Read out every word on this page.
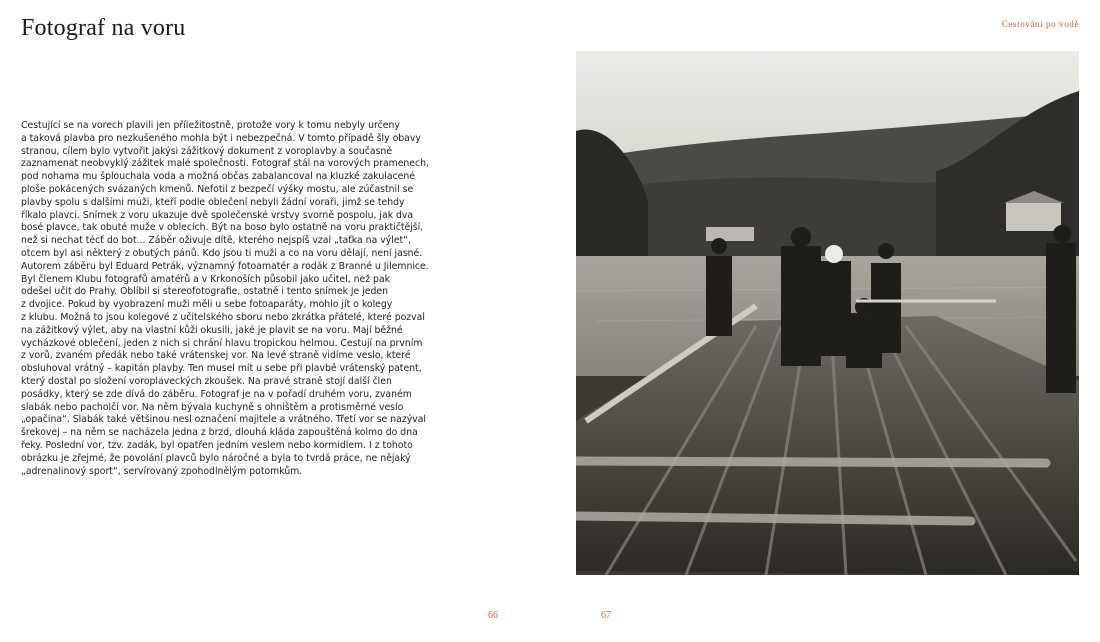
Fotograf na voru	Cestování po vodě
Cestující se na vorech plavili jen příležitostně, protože vory k tomu nebyly určeny
a taková plavba pro nezkušeného mohla být i nebezpečná. V tomto případě šly obavy
stranou, cílem bylo vytvořit jakýsi zážitkový dokument z voroplavby a současně
zaznamenat neobvyklý zážitek malé společnosti. Fotograf stál na vorových pramenech,
pod nohama mu šplouchala voda a možná občas zabalancoval na kluzké zakulacené
ploše pokácených svázaných kmenů. Nefotil z bezpečí výšky mostu, ale zúčastnil se
plavby spolu s dalšími muži, kteří podle oblečení nebyli žádní voraři, jimž se tehdy
říkalo plavci. Snímek z voru ukazuje dvě společenské vrstvy svorně pospolu, jak dva
bosé plavce, tak obuté muže v oblecích. Být na boso bylo ostatně na voru praktičtější,
než si nechat técť do bot... Záběr oživuje dítě, kterého nejspíš vzal „taťka na výlet“,
otcem byl asi některý z obutých pánů. Kdo jsou ti muži a co na voru dělají, není jasné.
Autorem záběru byl Eduard Petrák, významný fotoamatér a rodák z Branné u Jilemnice.
Byl členem Klubu fotografů amatérů a v Krkonoších působil jako učitel, než pak
odešel učit do Prahy. Oblíbil si stereofotografie, ostatně i tento snímek je jeden
z dvojice. Pokud by vyobrazení muži měli u sebe fotoaparáty, mohlo jít o kolegy
z klubu. Možná to jsou kolegové z učitelského sboru nebo zkrátka přátelé, které pozval
na zážitkový výlet, aby na vlastní kůži okusili, jaké je plavit se na voru. Mají běžné
vycházkové oblečení, jeden z nich si chrání hlavu tropickou helmou. Cestují na prvním
z vorů, zvaném předák nebo také vrátenskej vor. Na levé straně vidíme veslo, které
obsluhoval vrátný – kapitán plavby. Ten musel mít u sebe při plavbě vrátenský patent,
který dostal po složení voroplaveckých zkoušek. Na pravé straně stojí další člen
posádky, který se zde dívá do záběru. Fotograf je na v pořadí druhém voru, zvaném
slabák nebo pacholčí vor. Na něm bývala kuchyně s ohništěm a protisměrné veslo
„opačina“. Slabák také většinou nesl označení majitele a vrátného. Třetí vor se nazýval
šrekovej – na něm se nacházela jedna z brzd, dlouhá kláda zapouštěná kolmo do dna
řeky. Poslední vor, tzv. zadák, byl opatřen jedním veslem nebo kormidlem. I z tohoto
obrázku je zřejmé, že povolání plavců bylo náročné a byla to tvrdá práce, ne nějaký
„adrenalinový sport“, servírovaný zpohodlnělým potomkům.
66	67
